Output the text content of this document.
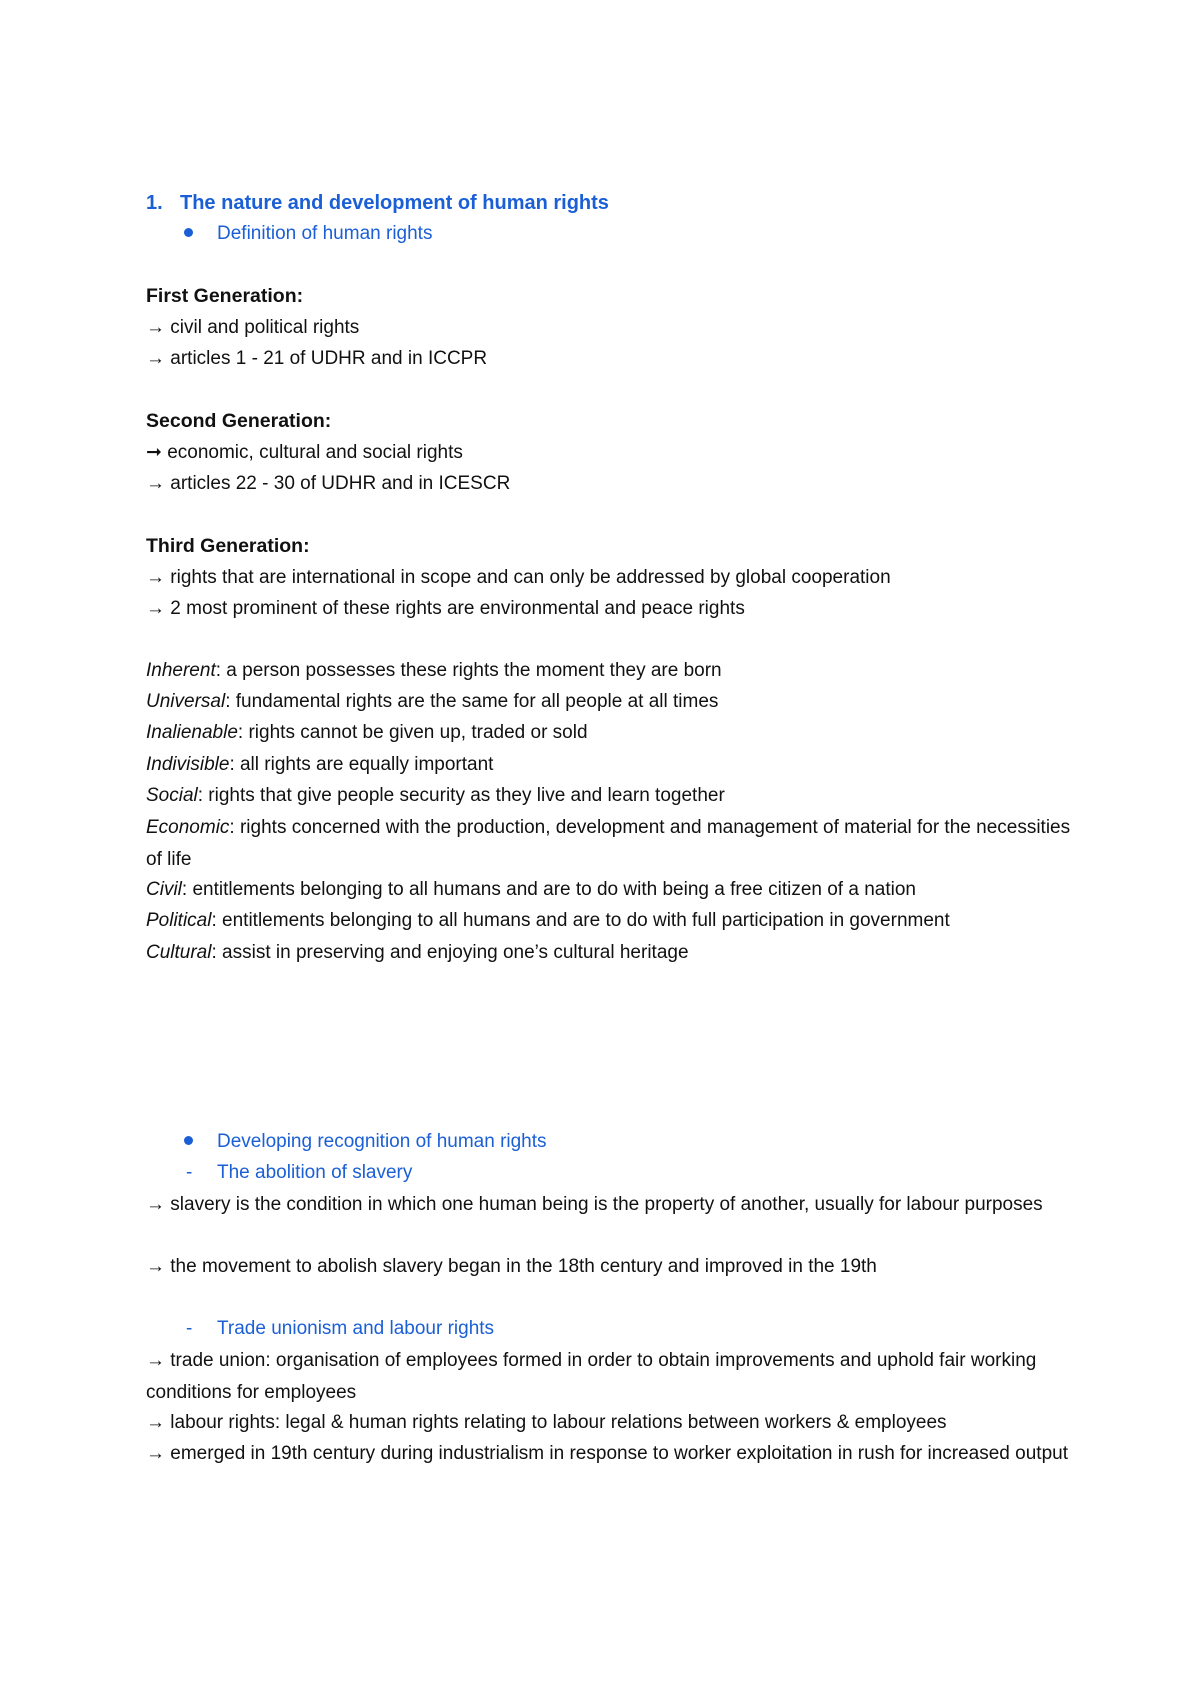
1. The nature and development of human rights
Definition of human rights
First Generation:
→ civil and political rights
→ articles 1 - 21 of UDHR and in ICCPR
Second Generation:
➞ economic, cultural and social rights
→ articles 22 - 30 of UDHR and in ICESCR
Third Generation:
→ rights that are international in scope and can only be addressed by global cooperation
→ 2 most prominent of these rights are environmental and peace rights
Inherent: a person possesses these rights the moment they are born
Universal: fundamental rights are the same for all people at all times
Inalienable: rights cannot be given up, traded or sold
Indivisible: all rights are equally important
Social: rights that give people security as they live and learn together
Economic: rights concerned with the production, development and management of material for the necessities of life
Civil: entitlements belonging to all humans and are to do with being a free citizen of a nation
Political: entitlements belonging to all humans and are to do with full participation in government
Cultural: assist in preserving and enjoying one’s cultural heritage
Developing recognition of human rights
- The abolition of slavery
→ slavery is the condition in which one human being is the property of another, usually for labour purposes
→ the movement to abolish slavery began in the 18th century and improved in the 19th
- Trade unionism and labour rights
→ trade union: organisation of employees formed in order to obtain improvements and uphold fair working conditions for employees
→ labour rights: legal & human rights relating to labour relations between workers & employees
→ emerged in 19th century during industrialism in response to worker exploitation in rush for increased output
